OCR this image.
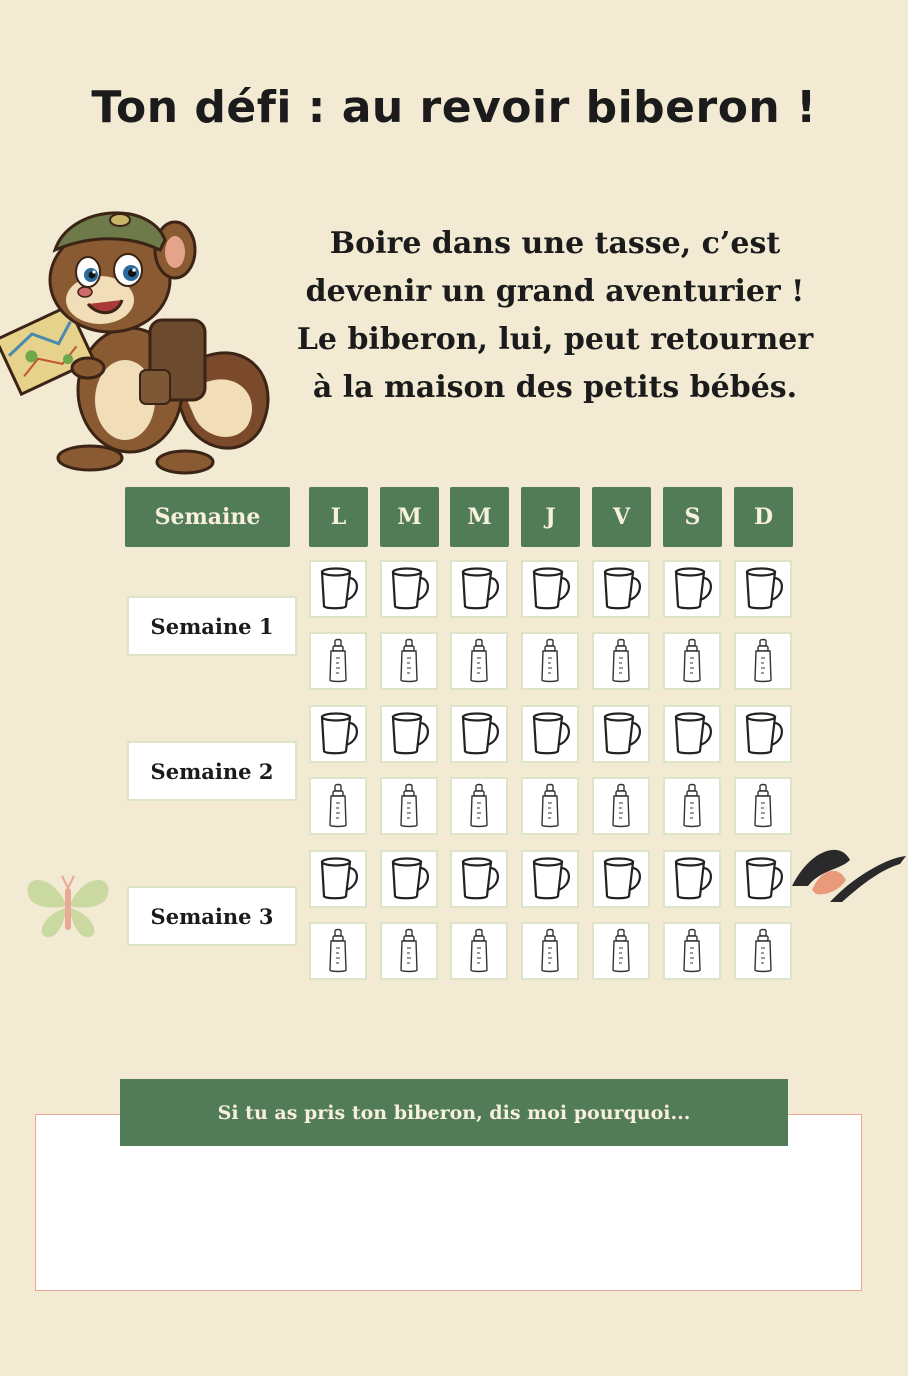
Ton défi : au revoir biberon !
Boire dans une tasse, c’est devenir un grand aventurier ! Le biberon, lui, peut retourner à la maison des petits bébés.
Semaine	L	M	M	J	V	S	D
Semaine 1
Semaine 2
Semaine 3
Si tu as pris ton biberon, dis moi pourquoi...
